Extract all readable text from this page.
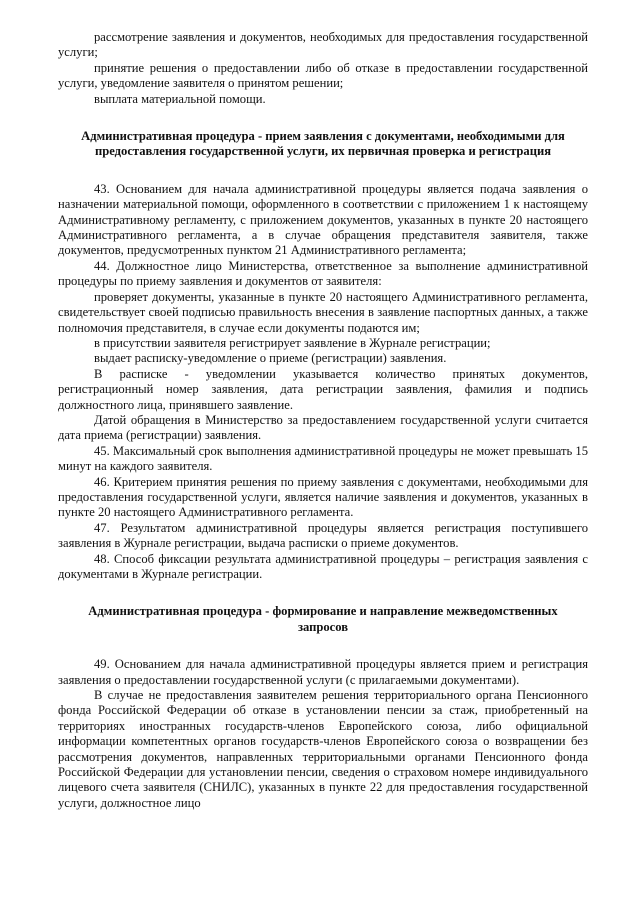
рассмотрение заявления и документов, необходимых для предоставления государственной услуги;

принятие решения о предоставлении либо об отказе в предоставлении государственной услуги, уведомление заявителя о принятом решении;

выплата материальной помощи.

Административная процедура - прием заявления с документами, необходимыми для предоставления государственной услуги, их первичная проверка и регистрация

43. Основанием для начала административной процедуры является подача заявления о назначении материальной помощи, оформленного в соответствии с приложением 1 к настоящему Административному регламенту, с приложением документов, указанных в пункте 20 настоящего Административного регламента, а в случае обращения представителя заявителя, также документов, предусмотренных пунктом 21 Административного регламента;

44. Должностное лицо Министерства, ответственное за выполнение административной процедуры по приему заявления и документов от заявителя:

проверяет документы, указанные в пункте 20 настоящего Административного регламента, свидетельствует своей подписью правильность внесения в заявление паспортных данных, а также полномочия представителя, в случае если документы подаются им;

в присутствии заявителя регистрирует заявление в Журнале регистрации;

выдает расписку-уведомление о приеме (регистрации) заявления.

В расписке - уведомлении указывается количество принятых документов, регистрационный номер заявления, дата регистрации заявления, фамилия и подпись должностного лица, принявшего заявление.

Датой обращения в Министерство за предоставлением государственной услуги считается дата приема (регистрации) заявления.

45. Максимальный срок выполнения административной процедуры не может превышать 15 минут на каждого заявителя.

46. Критерием принятия решения по приему заявления с документами, необходимыми для предоставления государственной услуги, является наличие заявления и документов, указанных в пункте 20 настоящего Административного регламента.

47. Результатом административной процедуры является регистрация поступившего заявления в Журнале регистрации, выдача расписки о приеме документов.

48. Способ фиксации результата административной процедуры – регистрация заявления с документами в Журнале регистрации.

Административная процедура - формирование и направление межведомственных запросов

49. Основанием для начала административной процедуры является прием и регистрация заявления о предоставлении государственной услуги (с прилагаемыми документами).

В случае не предоставления заявителем решения территориального органа Пенсионного фонда Российской Федерации об отказе в установлении пенсии за стаж, приобретенный на территориях иностранных государств-членов Европейского союза, либо официальной информации компетентных органов государств-членов Европейского союза о возвращении без рассмотрения документов, направленных территориальными органами Пенсионного фонда Российской Федерации для установлении пенсии, сведения о страховом номере индивидуального лицевого счета заявителя (СНИЛС), указанных в пункте 22 для предоставления государственной услуги, должностное лицо
